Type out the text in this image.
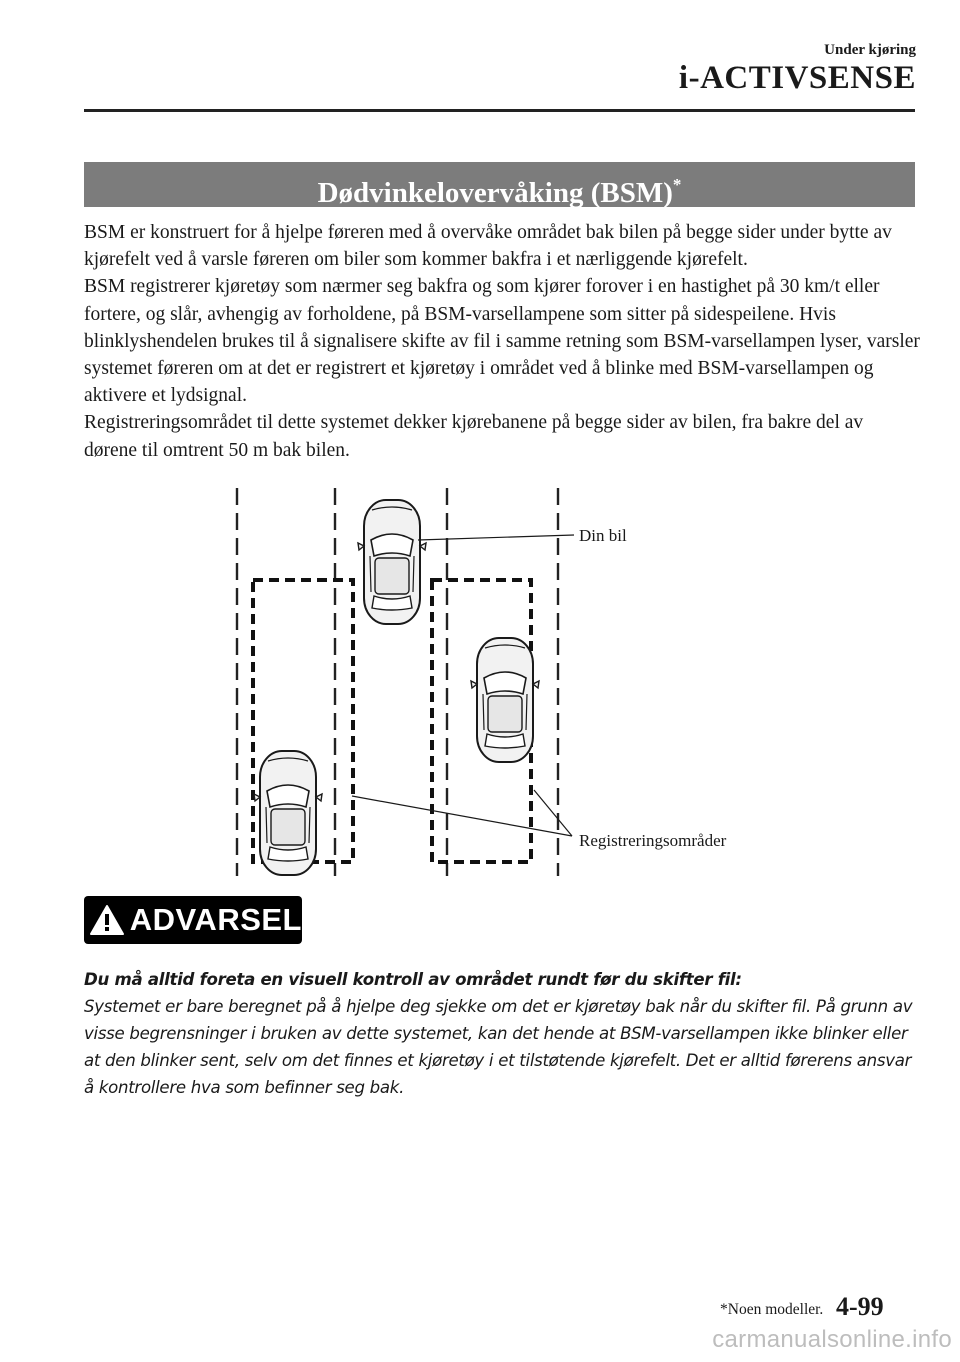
Under kjøring
i-ACTIVSENSE
Dødvinkelovervåking (BSM)*

BSM er konstruert for å hjelpe føreren med å overvåke området bak bilen på begge sider under bytte av kjørefelt ved å varsle føreren om biler som kommer bakfra i et nærliggende kjørefelt.

BSM registrerer kjøretøy som nærmer seg bakfra og som kjører forover i en hastighet på 30 km/t eller fortere, og slår, avhengig av forholdene, på BSM-varsellampene som sitter på sidespeilene. Hvis blinklyshendelen brukes til å signalisere skifte av fil i samme retning som BSM-varsellampen lyser, varsler systemet føreren om at det er registrert et kjøretøy i området ved å blinke med BSM-varsellampen og aktivere et lydsignal.

Registreringsområdet til dette systemet dekker kjørebanene på begge sider av bilen, fra bakre del av dørene til omtrent 50 m bak bilen.

Din bil
Registreringsområder
ADVARSEL

Du må alltid foreta en visuell kontroll av området rundt før du skifter fil:

Systemet er bare beregnet på å hjelpe deg sjekke om det er kjøretøy bak når du skifter fil. På grunn av visse begrensninger i bruken av dette systemet, kan det hende at BSM-varsellampen ikke blinker eller at den blinker sent, selv om det finnes et kjøretøy i et tilstøtende kjørefelt. Det er alltid førerens ansvar å kontrollere hva som befinner seg bak.

*Noen modeller. 4-99
carmanualsonline.info
